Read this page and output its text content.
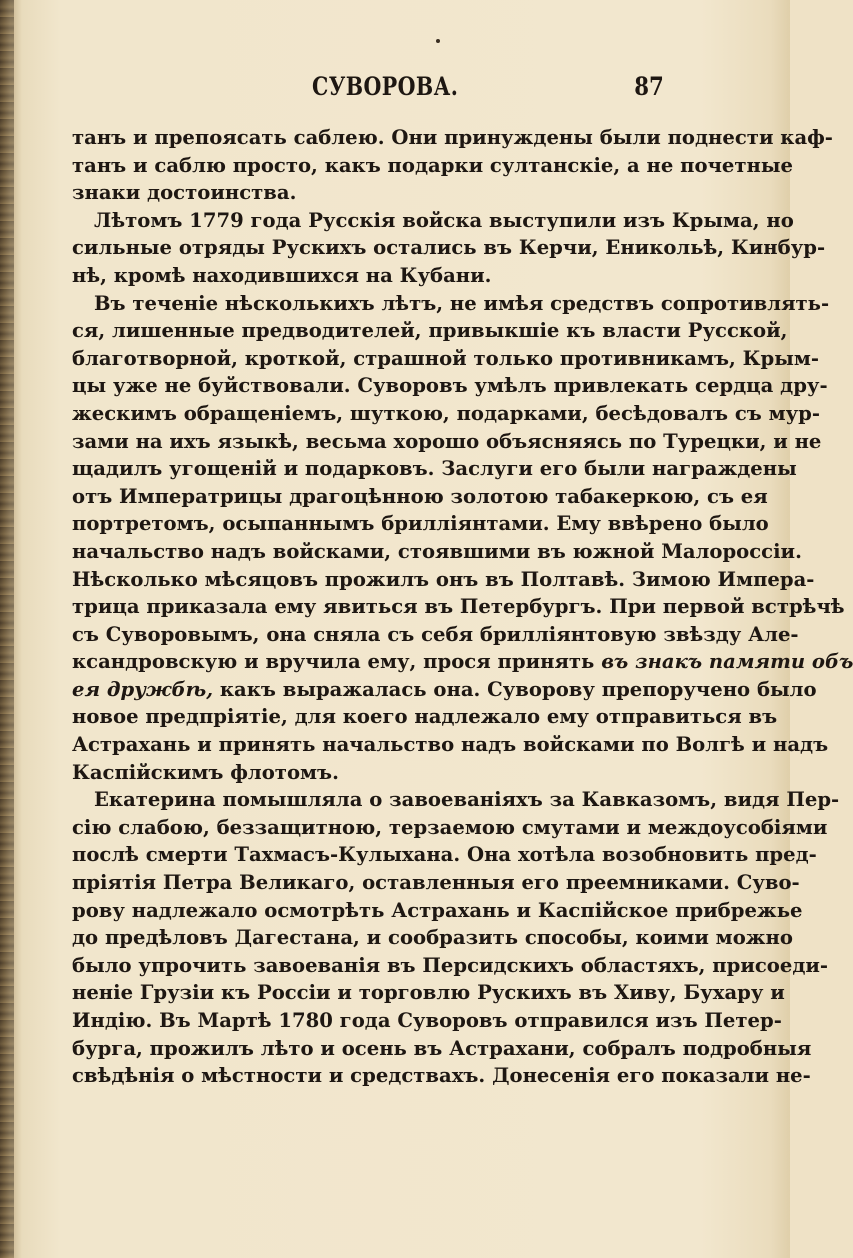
СУВОРОВА.	87
танъ и препоясать саблею. Они принуждены были поднести каф-
танъ и саблю просто, какъ подарки султанскіе, а не почетные
знаки достоинства.
Лѣтомъ 1779 года Русскія войска выступили изъ Крыма, но
сильные отряды Рускихъ остались въ Керчи, Еникольѣ, Кинбур-
нѣ, кромѣ находившихся на Кубани.
Въ теченіе нѣсколькихъ лѣтъ, не имѣя средствъ сопротивлять-
ся, лишенные предводителей, привыкшіе къ власти Русской,
благотворной, кроткой, страшной только противникамъ, Крым-
цы уже не буйствовали. Суворовъ умѣлъ привлекать сердца дру-
жескимъ обращеніемъ, шуткою, подарками, бесѣдовалъ съ мур-
зами на ихъ языкѣ, весьма хорошо объясняясь по Турецки, и не
щадилъ угощеній и подарковъ. Заслуги его были награждены
отъ Императрицы драгоцѣнною золотою табакеркою, съ ея
портретомъ, осыпаннымъ бриллiянтами. Ему ввѣрено было
начальство надъ войсками, стоявшими въ южной Малороссіи.
Нѣсколько мѣсяцовъ прожилъ онъ въ Полтавѣ. Зимою Импера-
трица приказала ему явиться въ Петербургъ. При первой встрѣчѣ
съ Суворовымъ, она сняла съ себя бриллiянтовую звѣзду Але-
ксандровскую и вручила ему, прося принять въ знакъ памяти объ
ея дружбѣ, какъ выражалась она. Суворову препоручено было
новое предпріятіе, для коего надлежало ему отправиться въ
Астрахань и принять начальство надъ войсками по Волгѣ и надъ
Каспійскимъ флотомъ.
Екатерина помышляла о завоеваніяхъ за Кавказомъ, видя Пер-
сію слабою, беззащитною, терзаемою смутами и междоусобіями
послѣ смерти Тахмасъ-Кулыхана. Она хотѣла возобновить пред-
пріятія Петра Великаго, оставленныя его преемниками. Суво-
рову надлежало осмотрѣть Астрахань и Каспійское прибрежье
до предѣловъ Дагестана, и сообразить способы, коими можно
было упрочить завоеванія въ Персидскихъ областяхъ, присоеди-
неніе Грузіи къ Россіи и торговлю Рускихъ въ Хиву, Бухару и
Индію. Въ Мартѣ 1780 года Суворовъ отправился изъ Петер-
бурга, прожилъ лѣто и осень въ Астрахани, собралъ подробныя
свѣдѣнія о мѣстности и средствахъ. Донесенія его показали не-
